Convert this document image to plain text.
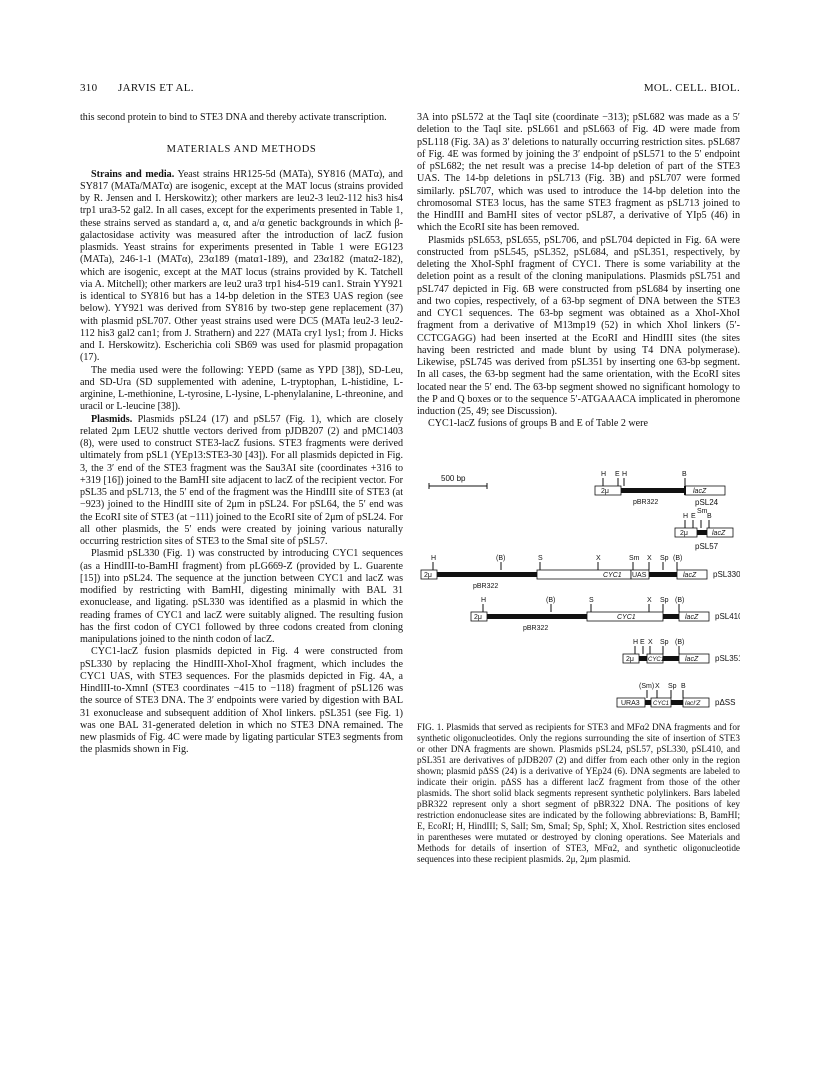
310 JARVIS ET AL.	MOL. CELL. BIOL.

this second protein to bind to STE3 DNA and thereby activate transcription.

MATERIALS AND METHODS

Strains and media. Yeast strains HR125-5d (MATa), SY816 (MATα), and SY817 (MATa/MATα) are isogenic, except at the MAT locus (strains provided by R. Jensen and I. Herskowitz); other markers are leu2-3 leu2-112 his3 his4 trp1 ura3-52 gal2. In all cases, except for the experiments presented in Table 1, these strains served as standard a, α, and a/α genetic backgrounds in which β-galactosidase activity was measured after the introduction of lacZ fusion plasmids. Yeast strains for experiments presented in Table 1 were EG123 (MATa), 246-1-1 (MATα), 23α189 (matα1-189), and 23α182 (matα2-182), which are isogenic, except at the MAT locus (strains provided by K. Tatchell via A. Mitchell); other markers are leu2 ura3 trp1 his4-519 can1. Strain YY921 is identical to SY816 but has a 14-bp deletion in the STE3 UAS region (see below). YY921 was derived from SY816 by two-step gene replacement (37) with plasmid pSL707. Other yeast strains used were DC5 (MATa leu2-3 leu2-112 his3 gal2 can1; from J. Strathern) and 227 (MATa cry1 lys1; from J. Hicks and I. Herskowitz). Escherichia coli SB69 was used for plasmid propagation (17).

The media used were the following: YEPD (same as YPD [38]), SD-Leu, and SD-Ura (SD supplemented with adenine, L-tryptophan, L-histidine, L-arginine, L-methionine, L-tyrosine, L-lysine, L-phenylalanine, L-threonine, and uracil or L-leucine [38]).

Plasmids. Plasmids pSL24 (17) and pSL57 (Fig. 1), which are closely related 2μm LEU2 shuttle vectors derived from pJDB207 (2) and pMC1403 (8), were used to construct STE3-lacZ fusions. STE3 fragments were derived ultimately from pSL1 (YEp13:STE3-30 [43]). For all plasmids depicted in Fig. 3, the 3′ end of the STE3 fragment was the Sau3AI site (coordinates +316 to +319 [16]) joined to the BamHI site adjacent to lacZ of the recipient vector. For pSL35 and pSL713, the 5′ end of the fragment was the HindIII site of STE3 (at −923) joined to the HindIII site of 2μm in pSL24. For pSL64, the 5′ end was the EcoRI site of STE3 (at −111) joined to the EcoRI site of 2μm of pSL24. For all other plasmids, the 5′ ends were created by joining various naturally occurring restriction sites of STE3 to the SmaI site of pSL57.

Plasmid pSL330 (Fig. 1) was constructed by introducing CYC1 sequences (as a HindIII-to-BamHI fragment) from pLG669-Z (provided by L. Guarente [15]) into pSL24. The sequence at the junction between CYC1 and lacZ was modified by restricting with BamHI, digesting minimally with BAL 31 exonuclease, and ligating. pSL330 was identified as a plasmid in which the reading frames of CYC1 and lacZ were suitably aligned. The resulting fusion has the first codon of CYC1 followed by three codons created from cloning manipulations joined to the ninth codon of lacZ.

CYC1-lacZ fusion plasmids depicted in Fig. 4 were constructed from pSL330 by replacing the HindIII-XhoI-XhoI fragment, which includes the CYC1 UAS, with STE3 sequences. For the plasmids depicted in Fig. 4A, a HindIII-to-XmnI (STE3 coordinates −415 to −118) fragment of pSL126 was the source of STE3 DNA. The 3′ endpoints were varied by digestion with BAL 31 exonuclease and subsequent addition of XhoI linkers. pSL351 (see Fig. 1) was one BAL 31-generated deletion in which no STE3 DNA remained. The new plasmids of Fig. 4C were made by ligating particular STE3 segments from the plasmids shown in Fig.

3A into pSL572 at the TaqI site (coordinate −313); pSL682 was made as a 5′ deletion to the TaqI site. pSL661 and pSL663 of Fig. 4D were made from pSL118 (Fig. 3A) as 3′ deletions to naturally occurring restriction sites. pSL687 of Fig. 4E was formed by joining the 3′ endpoint of pSL571 to the 5′ endpoint of pSL682; the net result was a precise 14-bp deletion of part of the STE3 UAS. The 14-bp deletions in pSL713 (Fig. 3B) and pSL707 were formed similarly. pSL707, which was used to introduce the 14-bp deletion into the chromosomal STE3 locus, has the same STE3 fragment as pSL713 joined to the HindIII and BamHI sites of vector pSL87, a derivative of YIp5 (46) in which the EcoRI site has been removed.

Plasmids pSL653, pSL655, pSL706, and pSL704 depicted in Fig. 6A were constructed from pSL545, pSL352, pSL684, and pSL351, respectively, by deleting the XhoI-SphI fragment of CYC1. There is some variability at the deletion point as a result of the cloning manipulations. Plasmids pSL751 and pSL747 depicted in Fig. 6B were constructed from pSL684 by inserting one and two copies, respectively, of a 63-bp segment of DNA between the STE3 and CYC1 sequences. The 63-bp segment was obtained as a XhoI-XhoI fragment from a derivative of M13mp19 (52) in which XhoI linkers (5′-CCTCGAGG) had been inserted at the EcoRI and HindIII sites (the sites having been restricted and made blunt by using T4 DNA polymerase). Likewise, pSL745 was derived from pSL351 by inserting one 63-bp segment. In all cases, the 63-bp segment had the same orientation, with the EcoRI sites located near the 5′ end. The 63-bp segment showed no significant homology to the P and Q boxes or to the sequence 5′-ATGAAACA implicated in pheromone induction (25, 49; see Discussion).

CYC1-lacZ fusions of groups B and E of Table 2 were

500 bp	H E H	B
2μ
pBR322
lacZ
pSL24
H E
Sm
B
2μ	lacZ
pSL57
H	(B)	S	X	Sm X Sp (B)
2μ
pBR322
CYC1 UAS	lacZ pSL330
H	(B)	S	X Sp (B)
2μ
pBR322
CYC1	lacZ pSL410
H E X Sp (B)
2μ CYC1	lacZ pSL351
(Sm) X Sp B
URA3 CYC1 lacI′Z pΔSS

FIG. 1. Plasmids that served as recipients for STE3 and MFα2 DNA fragments and for synthetic oligonucleotides. Only the regions surrounding the site of insertion of STE3 or other DNA fragments are shown. Plasmids pSL24, pSL57, pSL330, pSL410, and pSL351 are derivatives of pJDB207 (2) and differ from each other only in the region shown; plasmid pΔSS (24) is a derivative of YEp24 (6). DNA segments are labeled to indicate their origin. pΔSS has a different lacZ fragment from those of the other plasmids. The short solid black segments represent synthetic polylinkers. Bars labeled pBR322 represent only a short segment of pBR322 DNA. The positions of key restriction endonuclease sites are indicated by the following abbreviations: B, BamHI; E, EcoRI; H, HindIII; S, SalI; Sm, SmaI; Sp, SphI; X, XhoI. Restriction sites enclosed in parentheses were mutated or destroyed by cloning operations. See Materials and Methods for details of insertion of STE3, MFα2, and synthetic oligonucleotide sequences into these recipient plasmids. 2μ, 2μm plasmid.
